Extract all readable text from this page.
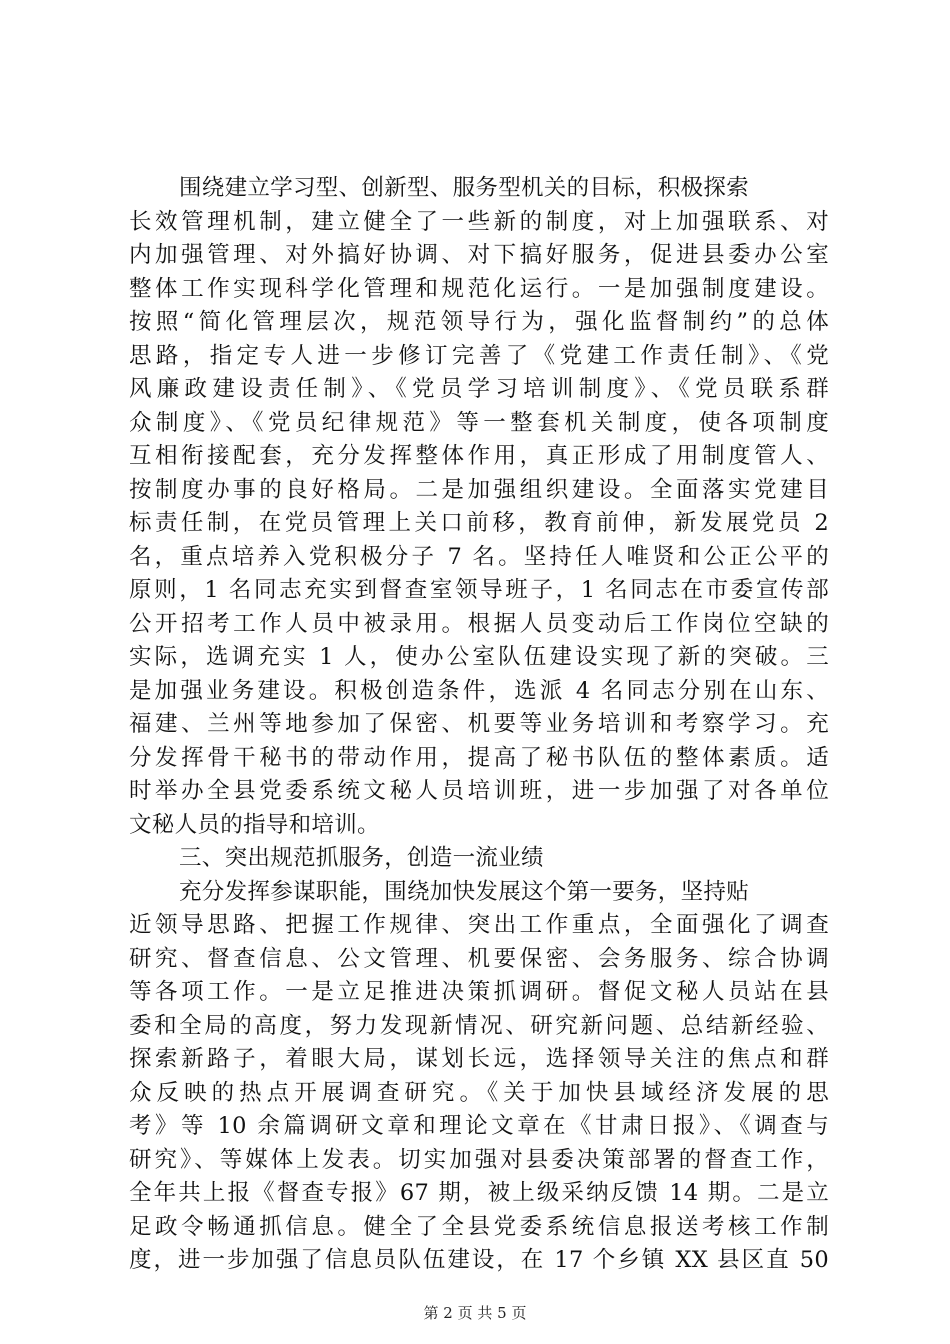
围绕建立学习型、创新型、服务型机关的目标，积极探索
长效管理机制，建立健全了一些新的制度，对上加强联系、对
内加强管理、对外搞好协调、对下搞好服务，促进县委办公室
整体工作实现科学化管理和规范化运行。一是加强制度建设。
按照“简化管理层次，规范领导行为，强化监督制约”的总体
思路，指定专人进一步修订完善了《党建工作责任制》、《党
风廉政建设责任制》、《党员学习培训制度》、《党员联系群
众制度》、《党员纪律规范》等一整套机关制度，使各项制度
互相衔接配套，充分发挥整体作用，真正形成了用制度管人、
按制度办事的良好格局。二是加强组织建设。全面落实党建目
标责任制，在党员管理上关口前移，教育前伸，新发展党员 2
名，重点培养入党积极分子 7 名。坚持任人唯贤和公正公平的
原则，1 名同志充实到督查室领导班子，1 名同志在市委宣传部
公开招考工作人员中被录用。根据人员变动后工作岗位空缺的
实际，选调充实 1 人，使办公室队伍建设实现了新的突破。三
是加强业务建设。积极创造条件，选派 4 名同志分别在山东、
福建、兰州等地参加了保密、机要等业务培训和考察学习。充
分发挥骨干秘书的带动作用，提高了秘书队伍的整体素质。适
时举办全县党委系统文秘人员培训班，进一步加强了对各单位
文秘人员的指导和培训。
三、突出规范抓服务，创造一流业绩
充分发挥参谋职能，围绕加快发展这个第一要务，坚持贴
近领导思路、把握工作规律、突出工作重点，全面强化了调查
研究、督查信息、公文管理、机要保密、会务服务、综合协调
等各项工作。一是立足推进决策抓调研。督促文秘人员站在县
委和全局的高度，努力发现新情况、研究新问题、总结新经验、
探索新路子，着眼大局，谋划长远，选择领导关注的焦点和群
众反映的热点开展调查研究。《关于加快县域经济发展的思
考》等 10 余篇调研文章和理论文章在《甘肃日报》、《调查与
研究》、等媒体上发表。切实加强对县委决策部署的督查工作，
全年共上报《督查专报》67 期，被上级采纳反馈 14 期。二是立
足政令畅通抓信息。健全了全县党委系统信息报送考核工作制
度，进一步加强了信息员队伍建设，在 17 个乡镇 XX 县区直 50
第 2 页 共 5 页
